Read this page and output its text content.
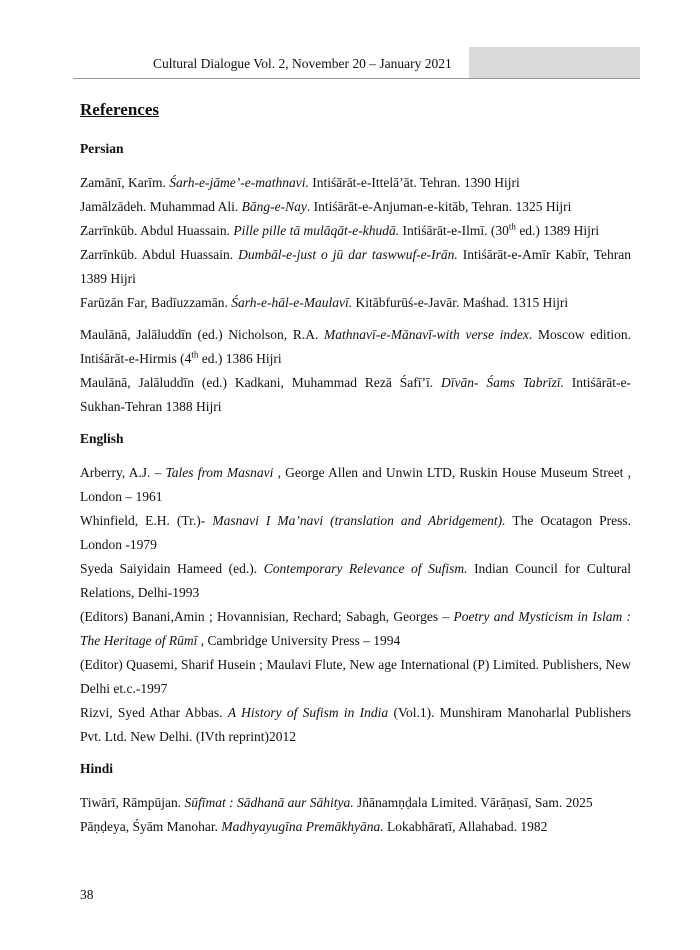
Cultural Dialogue Vol. 2, November 20 – January 2021
References
Persian

Zamānī, Karīm. Śarh-e-jāme’-e-mathnavi. Intiśārāt-e-Ittelā’āt. Tehran. 1390 Hijri

Jamālzādeh. Muhammad Ali. Bāng-e-Nay. Intiśārāt-e-Anjuman-e-kitāb, Tehran. 1325 Hijri

Zarrīnkūb. Abdul Huassain. Pille pille tā mulāqāt-e-khudā. Intiśārāt-e-Ilmī. (30th ed.) 1389 Hijri

Zarrīnkūb. Abdul Huassain. Dumbāl-e-just o jū dar taswwuf-e-Irān. Intiśārāt-e-Amīr Kabīr, Tehran 1389 Hijri

Farūzān Far, Badīuzzamān. Śarh-e-hāl-e-Maulavī. Kitābfurūś-e-Javār. Maśhad. 1315 Hijri

Maulānā, Jalāluddīn (ed.) Nicholson, R.A. Mathnavī-e-Mānavī-with verse index. Moscow edition. Intiśārāt-e-Hirmis (4th ed.) 1386 Hijri

Maulānā, Jalāluddīn (ed.) Kadkani, Muhammad Rezā Śafī’ī. Dīvān- Śams Tabrīzī. Intiśārāt-e-Sukhan-Tehran 1388 Hijri

English

Arberry, A.J. – Tales from Masnavi , George Allen and Unwin LTD, Ruskin House Museum Street , London – 1961

Whinfield, E.H. (Tr.)- Masnavi I Ma’navi (translation and Abridgement). The Ocatagon Press. London -1979

Syeda Saiyidain Hameed (ed.). Contemporary Relevance of Sufism. Indian Council for Cultural Relations, Delhi-1993

(Editors) Banani,Amin ; Hovannisian, Rechard; Sabagh, Georges – Poetry and Mysticism in Islam : The Heritage of Rūmī , Cambridge University Press – 1994

(Editor) Quasemi, Sharif Husein ; Maulavi Flute, New age International (P) Limited. Publishers, New Delhi et.c.-1997

Rizvi, Syed Athar Abbas. A History of Sufism in India (Vol.1). Munshiram Manoharlal Publishers Pvt. Ltd. New Delhi. (IVth reprint)2012

Hindi

Tiwārī, Rāmpūjan. Sūfīmat : Sādhanā aur Sāhitya. Jñānamṇḍala Limited. Vārāṇasī, Sam. 2025

Pāṇḍeya, Śyām Manohar. Madhyayugīna Premākhyāna. Lokabhāratī, Allahabad. 1982

38
